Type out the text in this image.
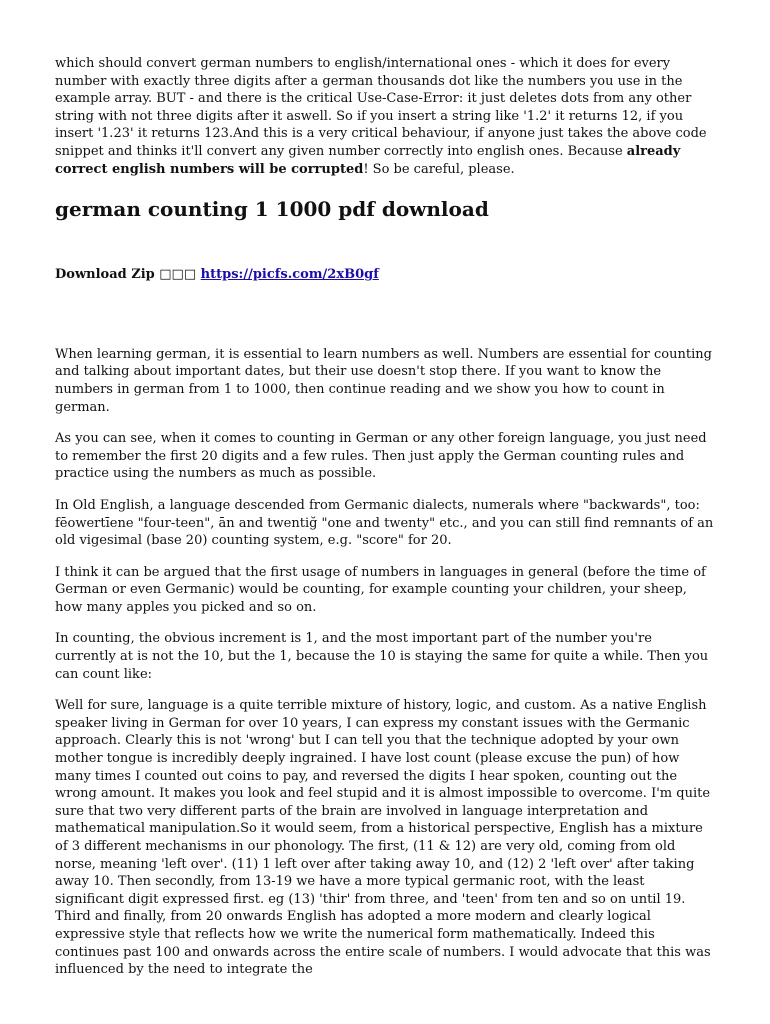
which should convert german numbers to english/international ones - which it does for every number with exactly three digits after a german thousands dot like the numbers you use in the example array. BUT - and there is the critical Use-Case-Error: it just deletes dots from any other string with not three digits after it aswell. So if you insert a string like '1.2' it returns 12, if you insert '1.23' it returns 123.And this is a very critical behaviour, if anyone just takes the above code snippet and thinks it'll convert any given number correctly into english ones. Because already correct english numbers will be corrupted! So be careful, please.

german counting 1 1000 pdf download

Download Zip □□□ https://picfs.com/2xB0gf

When learning german, it is essential to learn numbers as well. Numbers are essential for counting and talking about important dates, but their use doesn't stop there. If you want to know the numbers in german from 1 to 1000, then continue reading and we show you how to count in german.

As you can see, when it comes to counting in German or any other foreign language, you just need to remember the first 20 digits and a few rules. Then just apply the German counting rules and practice using the numbers as much as possible.

In Old English, a language descended from Germanic dialects, numerals where "backwards", too: fēowertīene "four-teen", ān and twentiğ "one and twenty" etc., and you can still find remnants of an old vigesimal (base 20) counting system, e.g. "score" for 20.

I think it can be argued that the first usage of numbers in languages in general (before the time of German or even Germanic) would be counting, for example counting your children, your sheep, how many apples you picked and so on.

In counting, the obvious increment is 1, and the most important part of the number you're currently at is not the 10, but the 1, because the 10 is staying the same for quite a while. Then you can count like:

Well for sure, language is a quite terrible mixture of history, logic, and custom. As a native English speaker living in German for over 10 years, I can express my constant issues with the Germanic approach. Clearly this is not 'wrong' but I can tell you that the technique adopted by your own mother tongue is incredibly deeply ingrained. I have lost count (please excuse the pun) of how many times I counted out coins to pay, and reversed the digits I hear spoken, counting out the wrong amount. It makes you look and feel stupid and it is almost impossible to overcome. I'm quite sure that two very different parts of the brain are involved in language interpretation and mathematical manipulation.So it would seem, from a historical perspective, English has a mixture of 3 different mechanisms in our phonology. The first, (11 & 12) are very old, coming from old norse, meaning 'left over'. (11) 1 left over after taking away 10, and (12) 2 'left over' after taking away 10. Then secondly, from 13-19 we have a more typical germanic root, with the least significant digit expressed first. eg (13) 'thir' from three, and 'teen' from ten and so on until 19. Third and finally, from 20 onwards English has adopted a more modern and clearly logical expressive style that reflects how we write the numerical form mathematically. Indeed this continues past 100 and onwards across the entire scale of numbers. I would advocate that this was influenced by the need to integrate the
